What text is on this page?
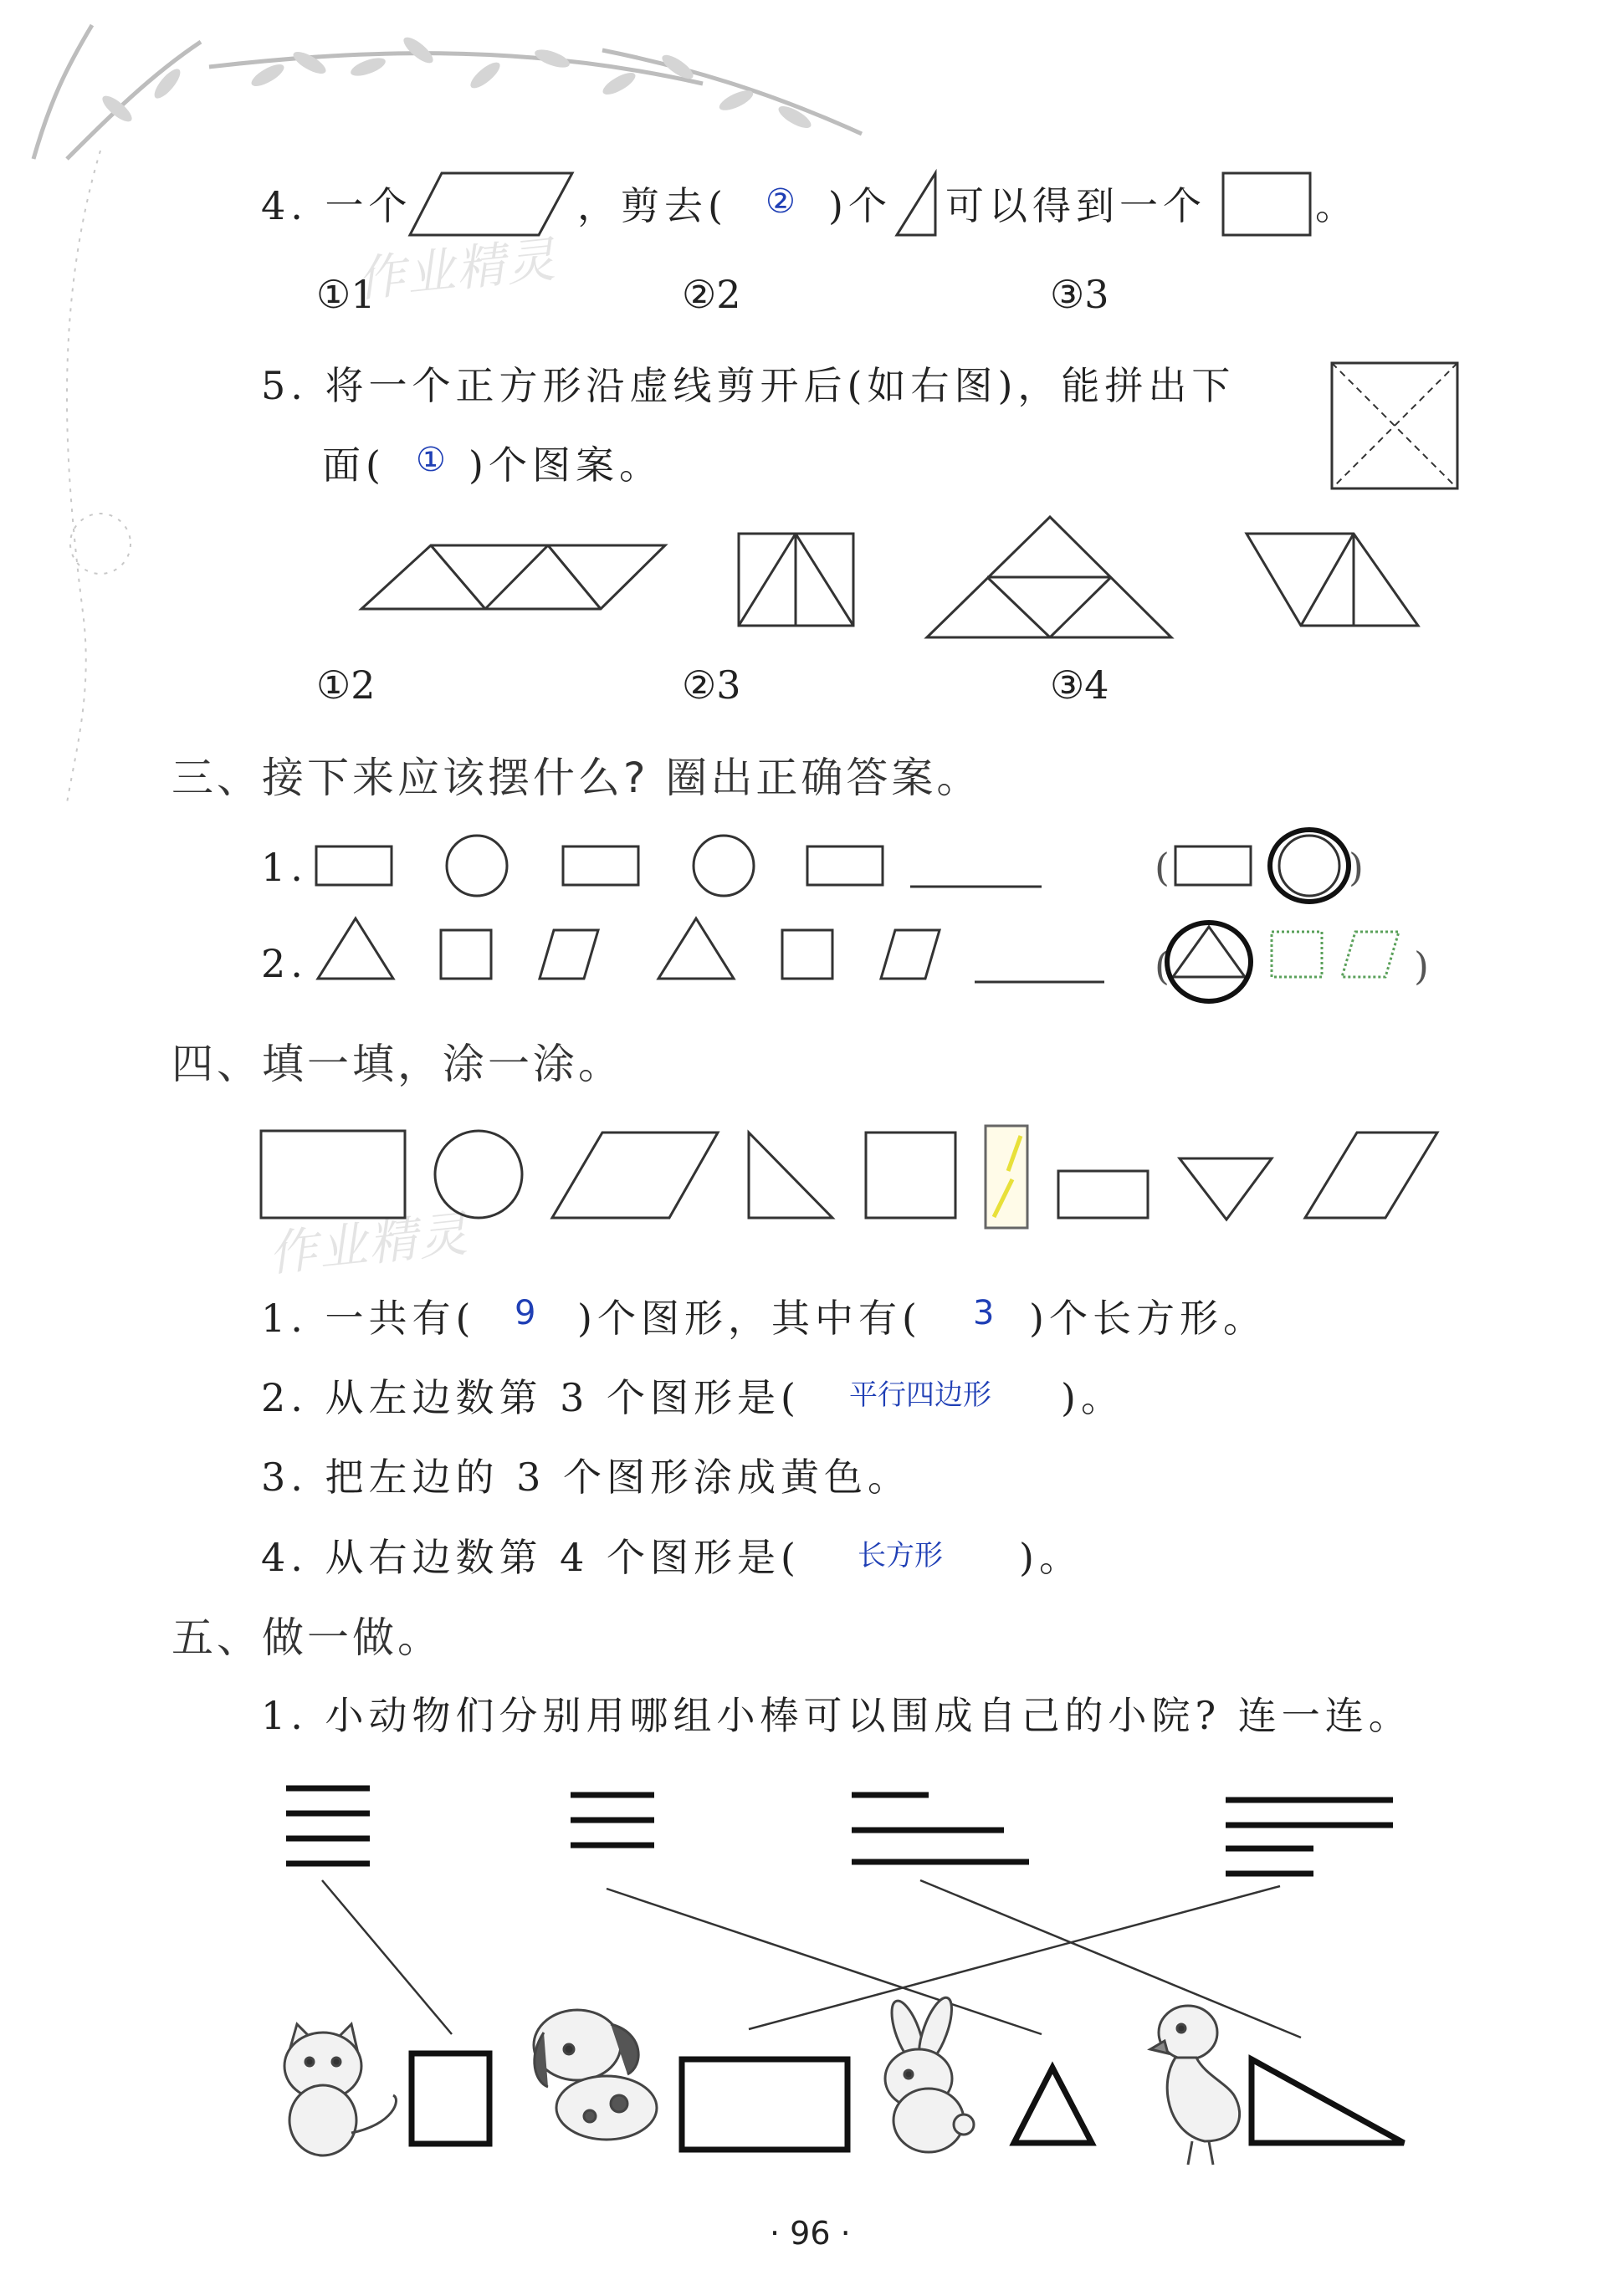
作业精灵
作业精灵
4. 一个	，剪去( ② )个 可以得到一个	。
①1	②2	③3
5. 将一个正方形沿虚线剪开后(如右图)，能拼出下
面( ① )个图案。
①2	②3	③4
三、接下来应该摆什么? 圈出正确答案。
1.
2.
(	)
(	)
四、填一填，涂一涂。
1. 一共有( 9 )个图形，其中有( 3 )个长方形。
2. 从左边数第 3 个图形是( 平行四边形 )。
3. 把左边的 3 个图形涂成黄色。
4. 从右边数第 4 个图形是( 长方形 )。
五、做一做。
1. 小动物们分别用哪组小棒可以围成自己的小院? 连一连。
· 96 ·
